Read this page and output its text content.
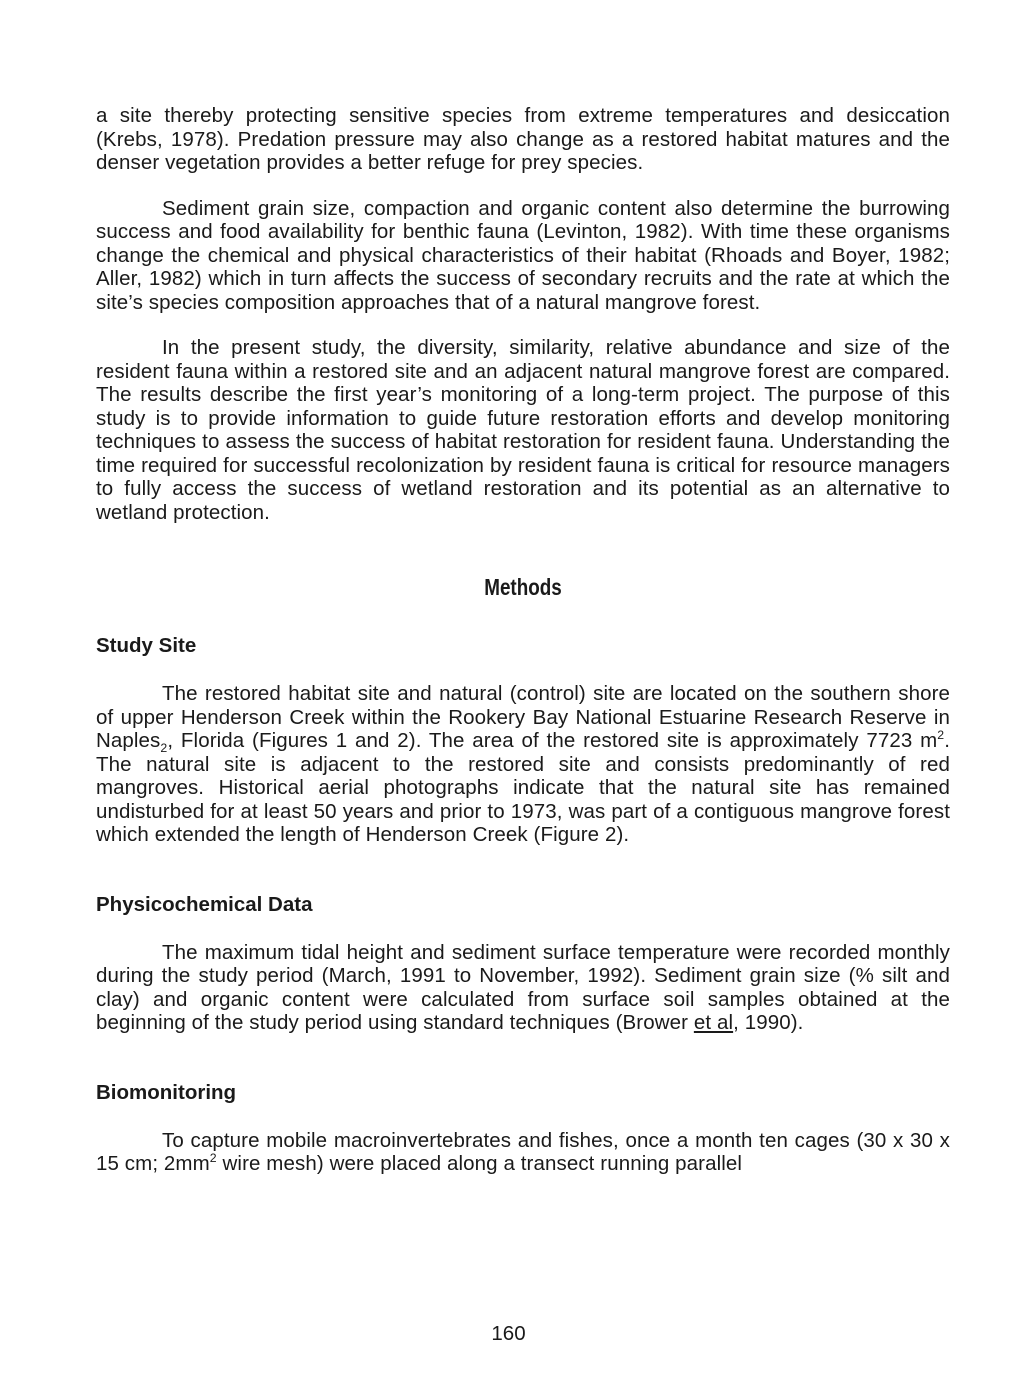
a site thereby protecting sensitive species from extreme temperatures and desiccation (Krebs, 1978). Predation pressure may also change as a restored habitat matures and the denser vegetation provides a better refuge for prey species.

Sediment grain size, compaction and organic content also determine the burrowing success and food availability for benthic fauna (Levinton, 1982). With time these organisms change the chemical and physical characteristics of their habitat (Rhoads and Boyer, 1982; Aller, 1982) which in turn affects the success of secondary recruits and the rate at which the site’s species composition approaches that of a natural mangrove forest.

In the present study, the diversity, similarity, relative abundance and size of the resident fauna within a restored site and an adjacent natural mangrove forest are compared. The results describe the first year’s monitoring of a long-term project. The purpose of this study is to provide information to guide future restoration efforts and develop monitoring techniques to assess the success of habitat restoration for resident fauna. Understanding the time required for successful recolonization by resident fauna is critical for resource managers to fully access the success of wetland restoration and its potential as an alternative to wetland protection.

Methods
Study Site

The restored habitat site and natural (control) site are located on the southern shore of upper Henderson Creek within the Rookery Bay National Estuarine Research Reserve in Naples$_2$, Florida (Figures 1 and 2). The area of the restored site is approximately 7723 $m^2$. The natural site is adjacent to the restored site and consists predominantly of red mangroves. Historical aerial photographs indicate that the natural site has remained undisturbed for at least 50 years and prior to 1973, was part of a contiguous mangrove forest which extended the length of Henderson Creek (Figure 2).

Physicochemical Data

The maximum tidal height and sediment surface temperature were recorded monthly during the study period (March, 1991 to November, 1992). Sediment grain size (% silt and clay) and organic content were calculated from surface soil samples obtained at the beginning of the study period using standard techniques (Brower et al, 1990).

Biomonitoring

To capture mobile macroinvertebrates and fishes, once a month ten cages (30 x 30 x 15 cm; $2mm^2$ wire mesh) were placed along a transect running parallel

160
